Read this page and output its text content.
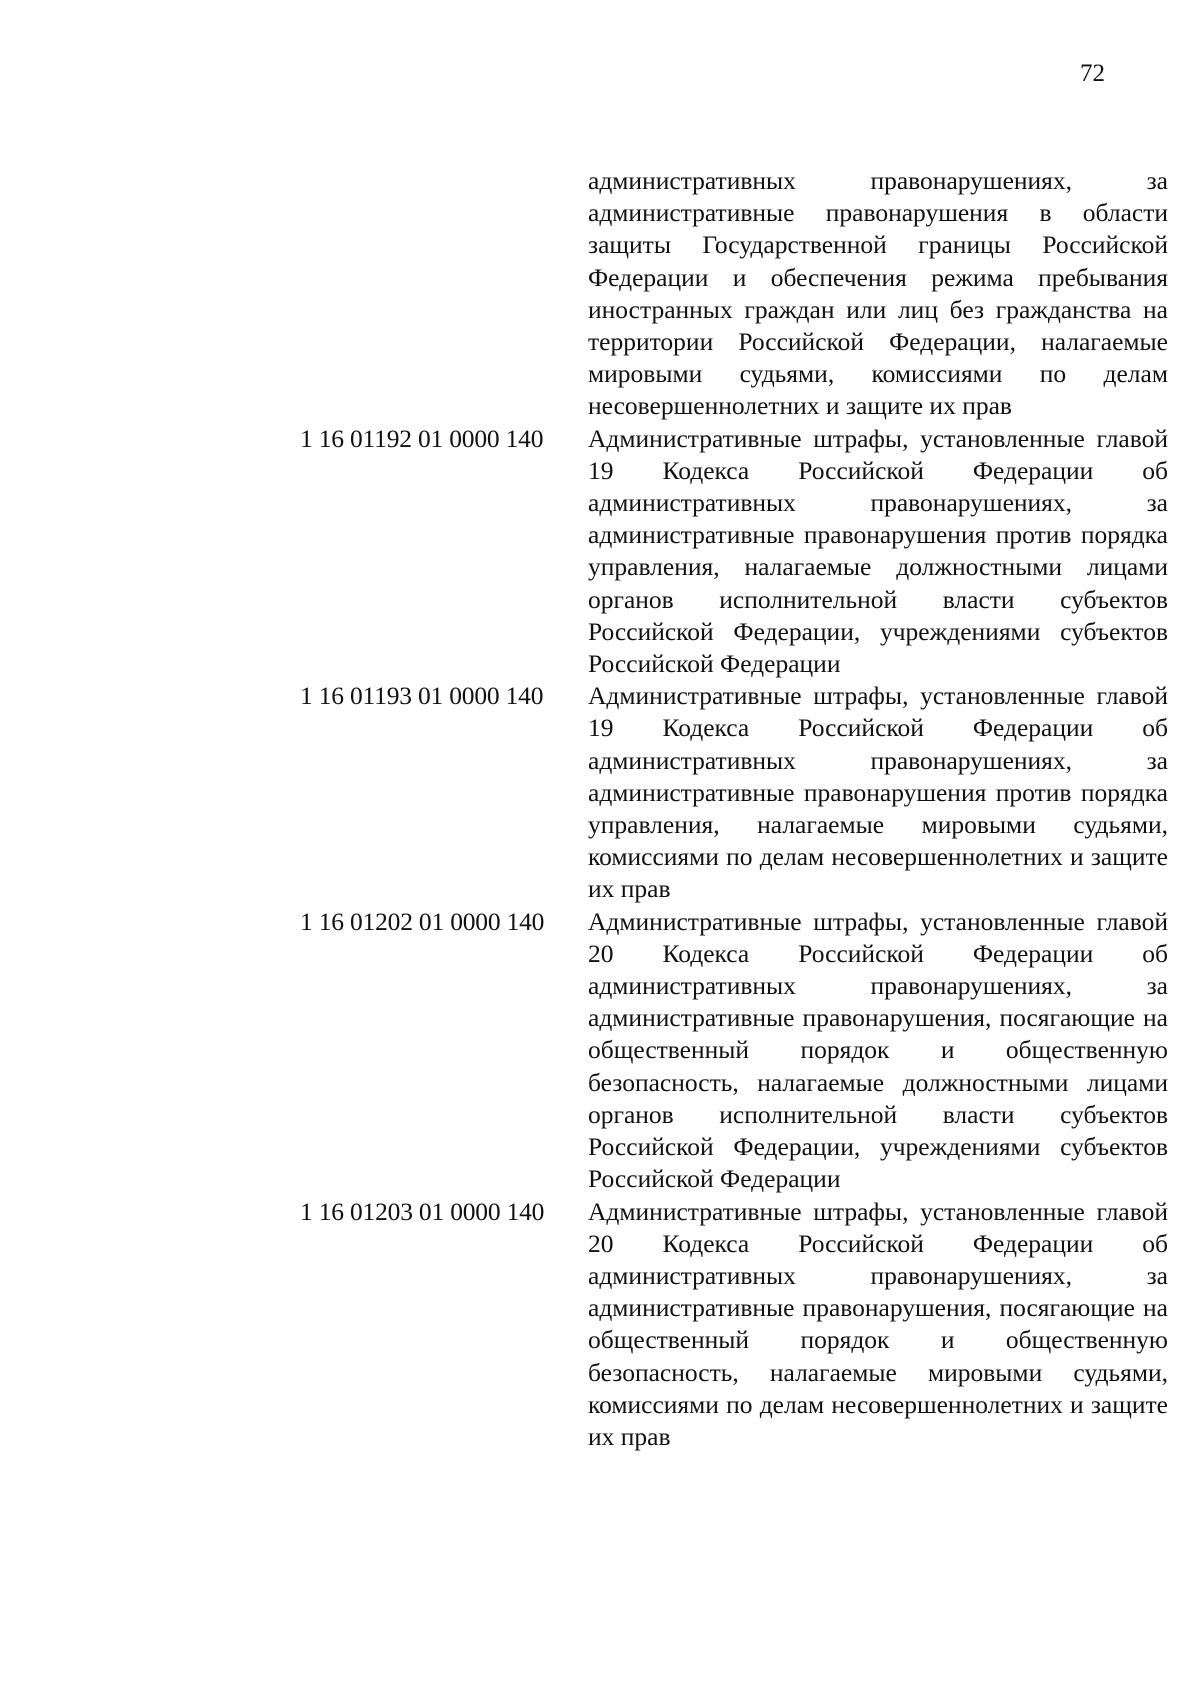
72
административных правонарушениях, за административные правонарушения в области защиты Государственной границы Российской Федерации и обеспечения режима пребывания иностранных граждан или лиц без гражданства на территории Российской Федерации, налагаемые мировыми судьями, комиссиями по делам несовершеннолетних и защите их прав
1 16 01192 01 0000 140	Административные штрафы, установленные главой 19 Кодекса Российской Федерации об административных правонарушениях, за административные правонарушения против порядка управления, налагаемые должностными лицами органов исполнительной власти субъектов Российской Федерации, учреждениями субъектов Российской Федерации
1 16 01193 01 0000 140	Административные штрафы, установленные главой 19 Кодекса Российской Федерации об административных правонарушениях, за административные правонарушения против порядка управления, налагаемые мировыми судьями, комиссиями по делам несовершеннолетних и защите их прав
1 16 01202 01 0000 140	Административные штрафы, установленные главой 20 Кодекса Российской Федерации об административных правонарушениях, за административные правонарушения, посягающие на общественный порядок и общественную безопасность, налагаемые должностными лицами органов исполнительной власти субъектов Российской Федерации, учреждениями субъектов Российской Федерации
1 16 01203 01 0000 140	Административные штрафы, установленные главой 20 Кодекса Российской Федерации об административных правонарушениях, за административные правонарушения, посягающие на общественный порядок и общественную безопасность, налагаемые мировыми судьями, комиссиями по делам несовершеннолетних и защите их прав
